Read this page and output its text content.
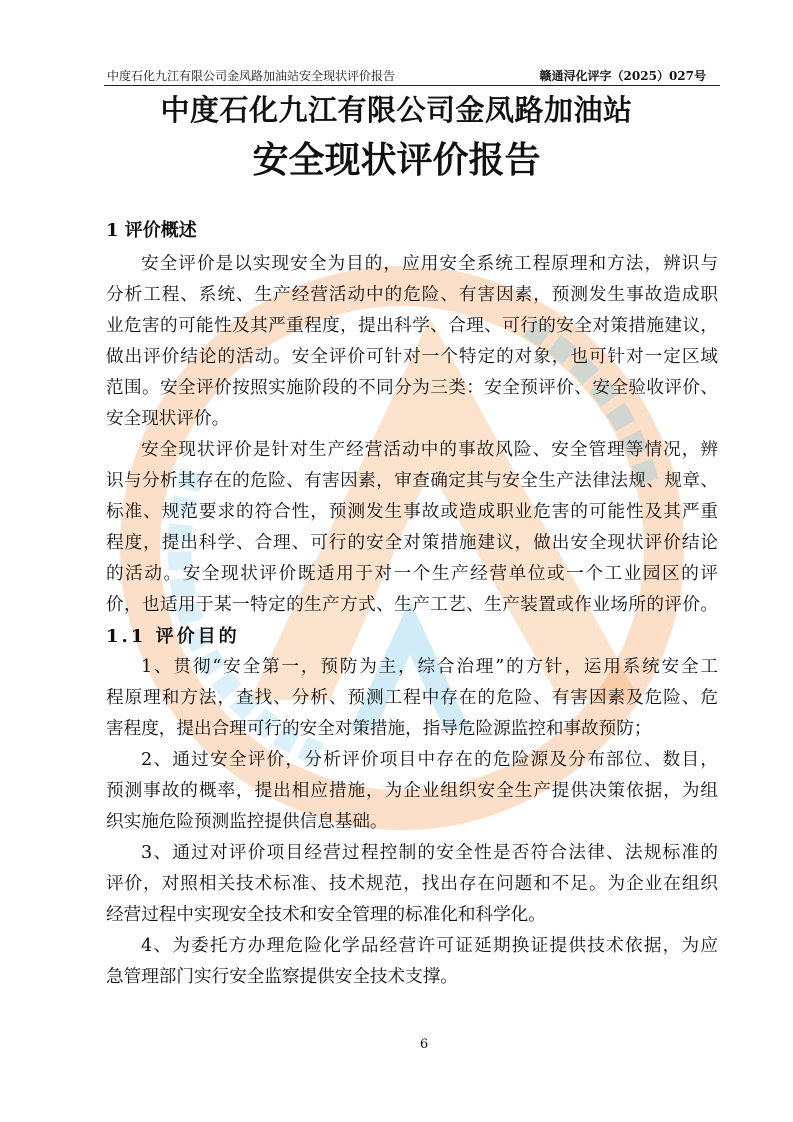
中度石化九江有限公司金凤路加油站安全现状评价报告	赣通浔化评字（2025）027号
中度石化九江有限公司金凤路加油站
安全现状评价报告
1 评价概述
安全评价是以实现安全为目的，应用安全系统工程原理和方法，辨识与
分析工程、系统、生产经营活动中的危险、有害因素，预测发生事故造成职
业危害的可能性及其严重程度，提出科学、合理、可行的安全对策措施建议，
做出评价结论的活动。安全评价可针对一个特定的对象，也可针对一定区域
范围。安全评价按照实施阶段的不同分为三类：安全预评价、安全验收评价、
安全现状评价。
安全现状评价是针对生产经营活动中的事故风险、安全管理等情况，辨
识与分析其存在的危险、有害因素，审查确定其与安全生产法律法规、规章、
标准、规范要求的符合性，预测发生事故或造成职业危害的可能性及其严重
程度，提出科学、合理、可行的安全对策措施建议，做出安全现状评价结论
的活动。安全现状评价既适用于对一个生产经营单位或一个工业园区的评
价，也适用于某一特定的生产方式、生产工艺、生产装置或作业场所的评价。
1.1 评价目的
1、贯彻“安全第一，预防为主，综合治理”的方针，运用系统安全工
程原理和方法，查找、分析、预测工程中存在的危险、有害因素及危险、危
害程度，提出合理可行的安全对策措施，指导危险源监控和事故预防；
2、通过安全评价，分析评价项目中存在的危险源及分布部位、数目，
预测事故的概率，提出相应措施，为企业组织安全生产提供决策依据，为组
织实施危险预测监控提供信息基础。
3、通过对评价项目经营过程控制的安全性是否符合法律、法规标准的
评价，对照相关技术标准、技术规范，找出存在问题和不足。为企业在组织
经营过程中实现安全技术和安全管理的标准化和科学化。
4、为委托方办理危险化学品经营许可证延期换证提供技术依据，为应
急管理部门实行安全监察提供安全技术支撑。
6
